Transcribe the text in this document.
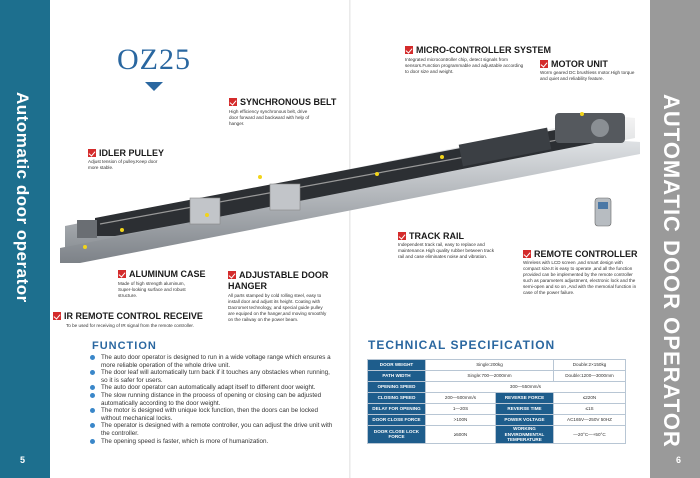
Automatic door operator	AUTOMATIC DOOR OPERATOR
5	6
OZ25	MICRO-CONTROLLER SYSTEM
Integrated microcontroller chip, detect signals from sensors.Function programmable and adjustable according to door size and weight.
MOTOR UNIT
Worm geared DC brushless motor.High torque and quiet and reliability feature.
SYNCHRONOUS BELT
High efficiency synchronous belt, drive door forward and backward with help of hanger.
IDLER PULLEY
Adjust tension of pulley.Keep door more stable.
TRACK RAIL
Independent track rail, easy to replace and maintenance.High quality rubber between track rail and case eliminates noise and vibration.	REMOTE CONTROLLER
Wireless with LCD screen ,and smart design with compact size.It is easy to operate ,and all the function provided can be implemented by the remote controller such as parameters adjustment, electronic lock and the semi-open and so on ,And with the memorial function in case of the power failure.
ALUMINUM CASE
Made of high strength aluminum, Super-looking surface and robust structure.
ADJUSTABLE DOOR HANGER
All parts stamped by cold rolling steel, easy to install door and adjust its height. Coating with Dacromet technology, and special guide pulley are equiped on the hanger,and moving smoothly on the railway on the power beam.
IR REMOTE CONTROL RECEIVE
To be used for receiving of IR signal from the remote controller.
FUNCTION
The auto door operator is designed to run in a wide voltage range which ensures a more reliable operation of the whole drive unit.
The door leaf will automatically turn back if it touches any obstacles when running, so it is safer for users.
The auto door operator can automatically adapt itself to different door weight.
The slow running distance in the process of opening or closing can be adjusted automatically according to the door weight.
The motor is designed with unique lock function, then the doors can be locked without mechanical locks.
The operator is designed with a remote controller, you can adjust the drive unit with the controller.
The opening speed is faster, which is more of humanization.
TECHNICAL SPECIFICATION
DOOR WEIGHT	Single:200kg		Double:2×150kg
PATH WIDTH	Single:700—2000mm		Double:1200—3000mm
OPENING SPEED	300—550mm/s		
CLOSING SPEED	200—500mm/s	REVERSE FORCE	≤220N
DELAY FOR OPENING	1—20S	REVERSE TIME	≤1S
DOOR CLOSE FORCE	>100N	POWER VOLTAGE	AC165V—250V 50HZ
DOOR CLOSE LOCK FORCE	≥500N	WORKING ENVIRONMENTAL TEMPERATURE	—20°C—+50°C
